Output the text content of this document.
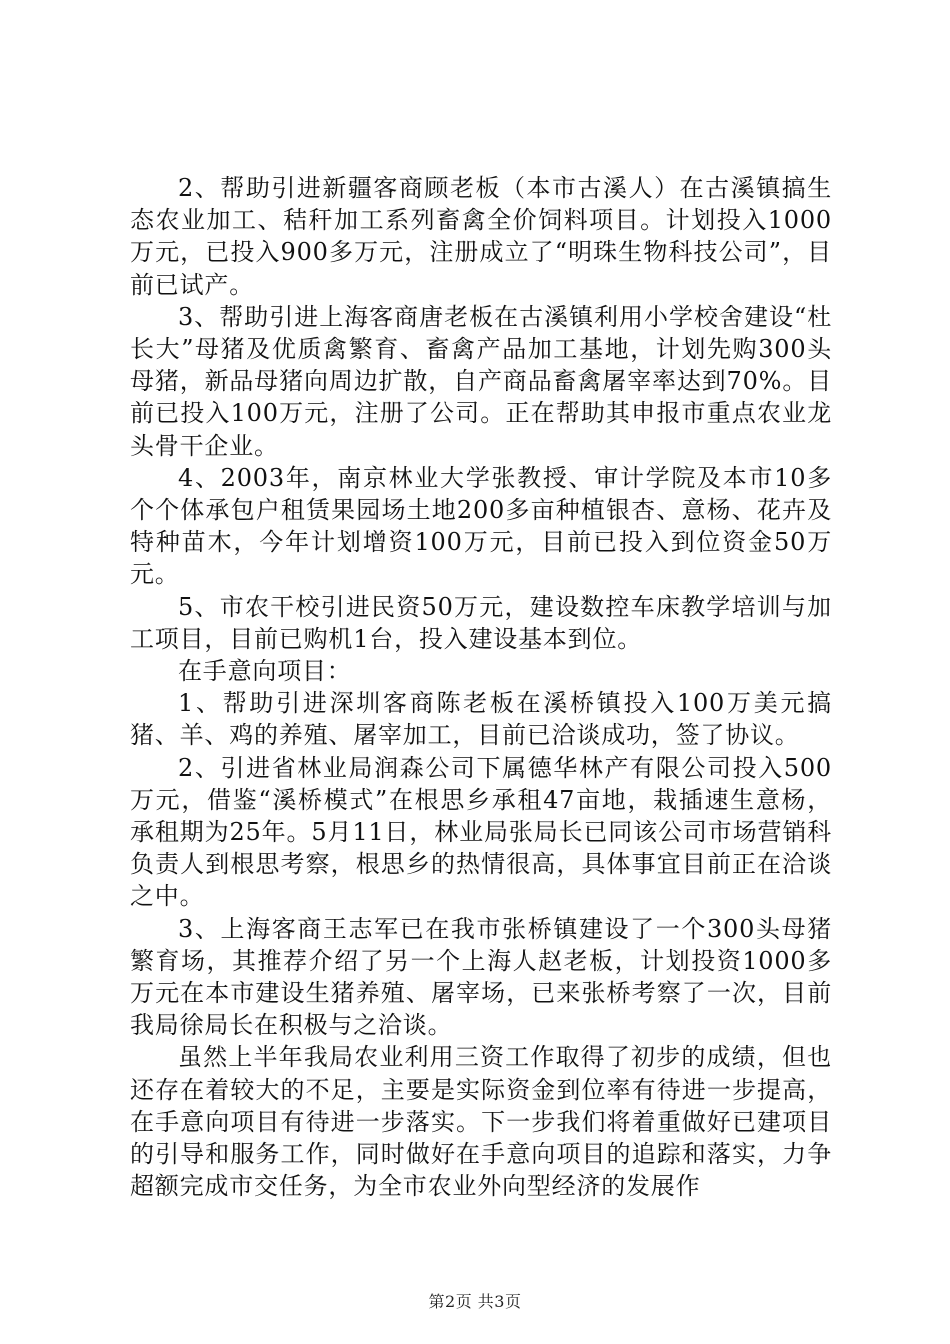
2、帮助引进新疆客商顾老板（本市古溪人）在古溪镇搞生态农业加工、秸秆加工系列畜禽全价饲料项目。计划投入1000万元，已投入900多万元，注册成立了“明珠生物科技公司”，目前已试产。

3、帮助引进上海客商唐老板在古溪镇利用小学校舍建设“杜长大”母猪及优质禽繁育、畜禽产品加工基地，计划先购300头母猪，新品母猪向周边扩散，自产商品畜禽屠宰率达到70%。目前已投入100万元，注册了公司。正在帮助其申报市重点农业龙头骨干企业。

4、2003年，南京林业大学张教授、审计学院及本市10多个个体承包户租赁果园场土地200多亩种植银杏、意杨、花卉及特种苗木，今年计划增资100万元，目前已投入到位资金50万元。

5、市农干校引进民资50万元，建设数控车床教学培训与加工项目，目前已购机1台，投入建设基本到位。

在手意向项目：

1、帮助引进深圳客商陈老板在溪桥镇投入100万美元搞猪、羊、鸡的养殖、屠宰加工，目前已洽谈成功，签了协议。

2、引进省林业局润森公司下属德华林产有限公司投入500万元，借鉴“溪桥模式”在根思乡承租47亩地，栽插速生意杨，承租期为25年。5月11日，林业局张局长已同该公司市场营销科负责人到根思考察，根思乡的热情很高，具体事宜目前正在洽谈之中。

3、上海客商王志军已在我市张桥镇建设了一个300头母猪繁育场，其推荐介绍了另一个上海人赵老板，计划投资1000多万元在本市建设生猪养殖、屠宰场，已来张桥考察了一次，目前我局徐局长在积极与之洽谈。

虽然上半年我局农业利用三资工作取得了初步的成绩，但也还存在着较大的不足，主要是实际资金到位率有待进一步提高，在手意向项目有待进一步落实。下一步我们将着重做好已建项目的引导和服务工作，同时做好在手意向项目的追踪和落实，力争超额完成市交任务，为全市农业外向型经济的发展作

第2页 共3页
